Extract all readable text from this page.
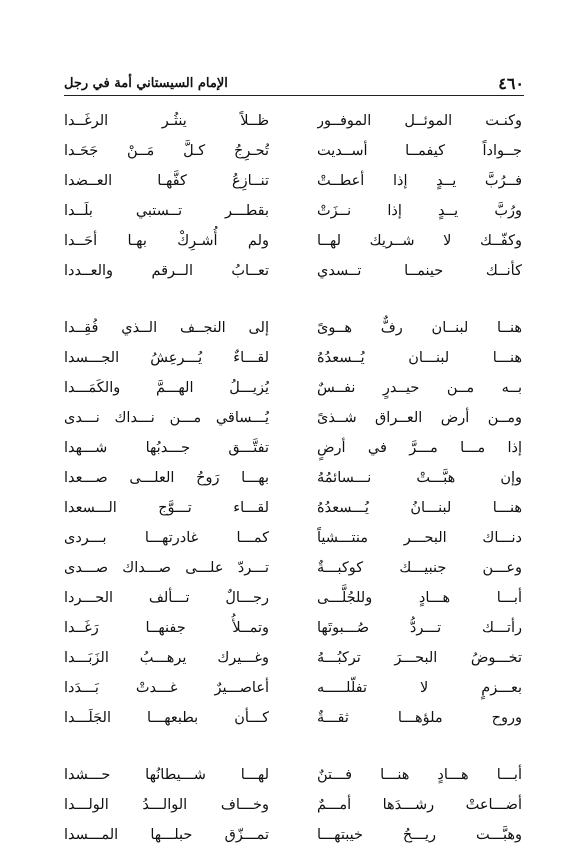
٤٦٠
الإمام السيستاني أمة في رجل
وكنـت الموئــل الموفــور
جــواداً كيفمــا أســديت
فــرُبَّ يــدٍ إذا أعطــتْ
ورُبَّ يــدٍ إذا نــزَتْ
وكفّــك لا شــريك لهــا
كأنــك حينمــا تــسدي
هنــا لبنــان رفٌّ هــوىً
هنـــا لبنـــان يُــسعدُهُ
بــه مــن حيــدرٍ نفــسٌ
ومــن أرض العــراق شــذىً
إذا مـــا مـــرَّ في أرضٍ
وإن هبَّـــتْ نـــسائمُهُ
هنـــا لبنـــانُ يُـــسعدُهُ
دنـــاك البحـــر منتـــشياً
وعـــن جنبيـــك كوكبـــةٌ
أبـــا هـــادٍ وللجُلَّـــى
رأتـــك تـــردُّ صُـــبوتَها
تخـــوضُ البحـــرَ تركبُـــهُ
بعـــزمٍ لا تفلّلـــــه
وروح ملؤهـــا ثقـــةٌ
أبـــا هـــادٍ هنـــا فـــتنٌ
أضـــاعتْ رشـــدَها أمـــمٌ
وهبَّـــت ريـــحُ خيبتهـــا
ظــلاً ينثُـر الرغَــدا
تُحـرِجُ كـلَّ مَــنْ جَحَـدا
تنــازِعُ كفَّهـا العــضدا
بقطـــر تــستبي بلَــدا
ولم أُشـرِكْ بهـا أحَــدا
تعــابُ الــرقم والعــددا
إلى النجــف الــذي فُقِــدا
لقـــاءٌ يُـــرعِشُ الجـــسدا
يُزيـــلُ الهـــمَّ والكَمَـــدا
يُـــساقي مـــن نـــداك نـــدى
تفتَّـــق جـــدبُها شـــهدا
بهـــا رَوحُ العلـــى صـــعدا
لقـــاء تـــوَّج الـــسعدا
كمـــا غادرتهـــا بـــردى
تـــردّ علـــى صـــداك صـــدى
رجـــالٌ تـــألف الحـــردا
وتمــلأُ جفنهــا رَغَــدا
وغـــيرك يرهـــبُ الزَبَـــدا
أعاصـــيرٌ غـــدتْ بَـــدَدا
كـــأن بطبعهـــا الجَلَـــدا
لهـــا شـــيطانُها حـــشدا
وخـــاف الوالـــدُ الولـــدا
تمـــزّق حبلـــها المـــسدا
